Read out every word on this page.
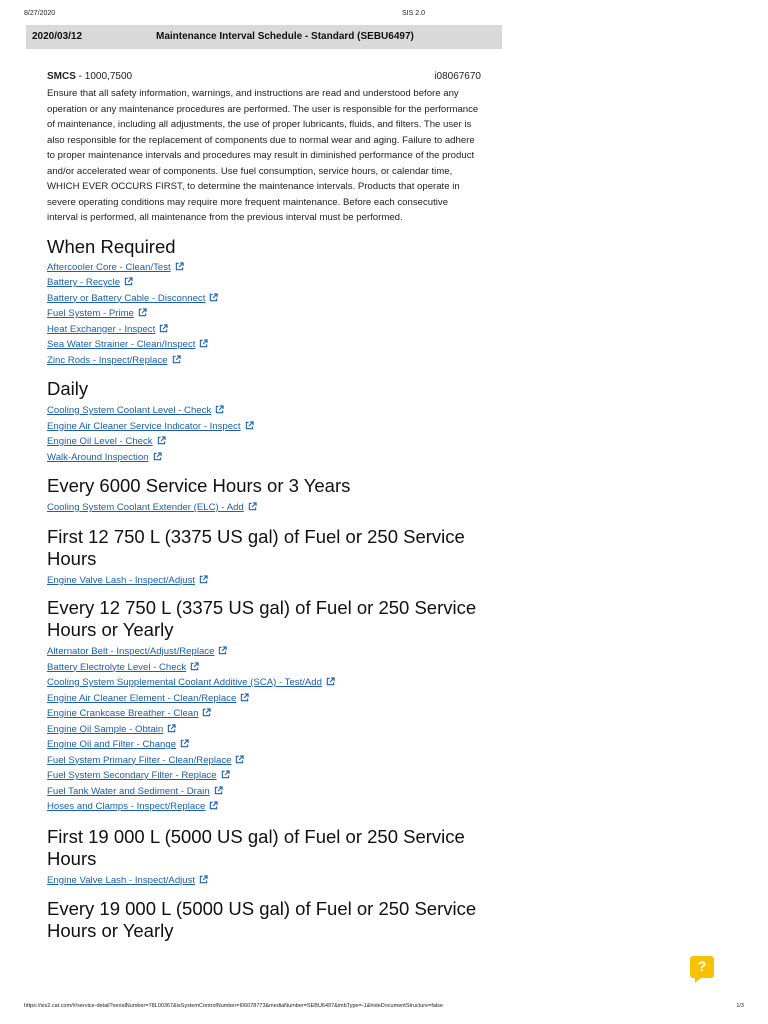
8/27/2020	SIS 2.0
2020/03/12	Maintenance Interval Schedule - Standard (SEBU6497)
SMCS - 1000,7500	i08067670

Ensure that all safety information, warnings, and instructions are read and understood before any operation or any maintenance procedures are performed. The user is responsible for the performance of maintenance, including all adjustments, the use of proper lubricants, fluids, and filters. The user is also responsible for the replacement of components due to normal wear and aging. Failure to adhere to proper maintenance intervals and procedures may result in diminished performance of the product and/or accelerated wear of components. Use fuel consumption, service hours, or calendar time, WHICH EVER OCCURS FIRST, to determine the maintenance intervals. Products that operate in severe operating conditions may require more frequent maintenance. Before each consecutive interval is performed, all maintenance from the previous interval must be performed.

When Required
Aftercooler Core - Clean/Test
Battery - Recycle
Battery or Battery Cable - Disconnect
Fuel System - Prime
Heat Exchanger - Inspect
Sea Water Strainer - Clean/Inspect
Zinc Rods - Inspect/Replace
Daily
Cooling System Coolant Level - Check
Engine Air Cleaner Service Indicator - Inspect
Engine Oil Level - Check
Walk-Around Inspection
Every 6000 Service Hours or 3 Years
Cooling System Coolant Extender (ELC) - Add
First 12 750 L (3375 US gal) of Fuel or 250 Service Hours
Engine Valve Lash - Inspect/Adjust
Every 12 750 L (3375 US gal) of Fuel or 250 Service Hours or Yearly
Alternator Belt - Inspect/Adjust/Replace
Battery Electrolyte Level - Check
Cooling System Supplemental Coolant Additive (SCA) - Test/Add
Engine Air Cleaner Element - Clean/Replace
Engine Crankcase Breather - Clean
Engine Oil Sample - Obtain
Engine Oil and Filter - Change
Fuel System Primary Filter - Clean/Replace
Fuel System Secondary Filter - Replace
Fuel Tank Water and Sediment - Drain
Hoses and Clamps - Inspect/Replace
First 19 000 L (5000 US gal) of Fuel or 250 Service Hours
Engine Valve Lash - Inspect/Adjust
Every 19 000 L (5000 US gal) of Fuel or 250 Service Hours or Yearly
?
https://sis2.cat.com/#/service-detail?serialNumber=78L00367&isSystemControlNumber=I06078773&mediaNumber=SEBU6497&imbType=-1&hideDocumentStructure=false	1/3
